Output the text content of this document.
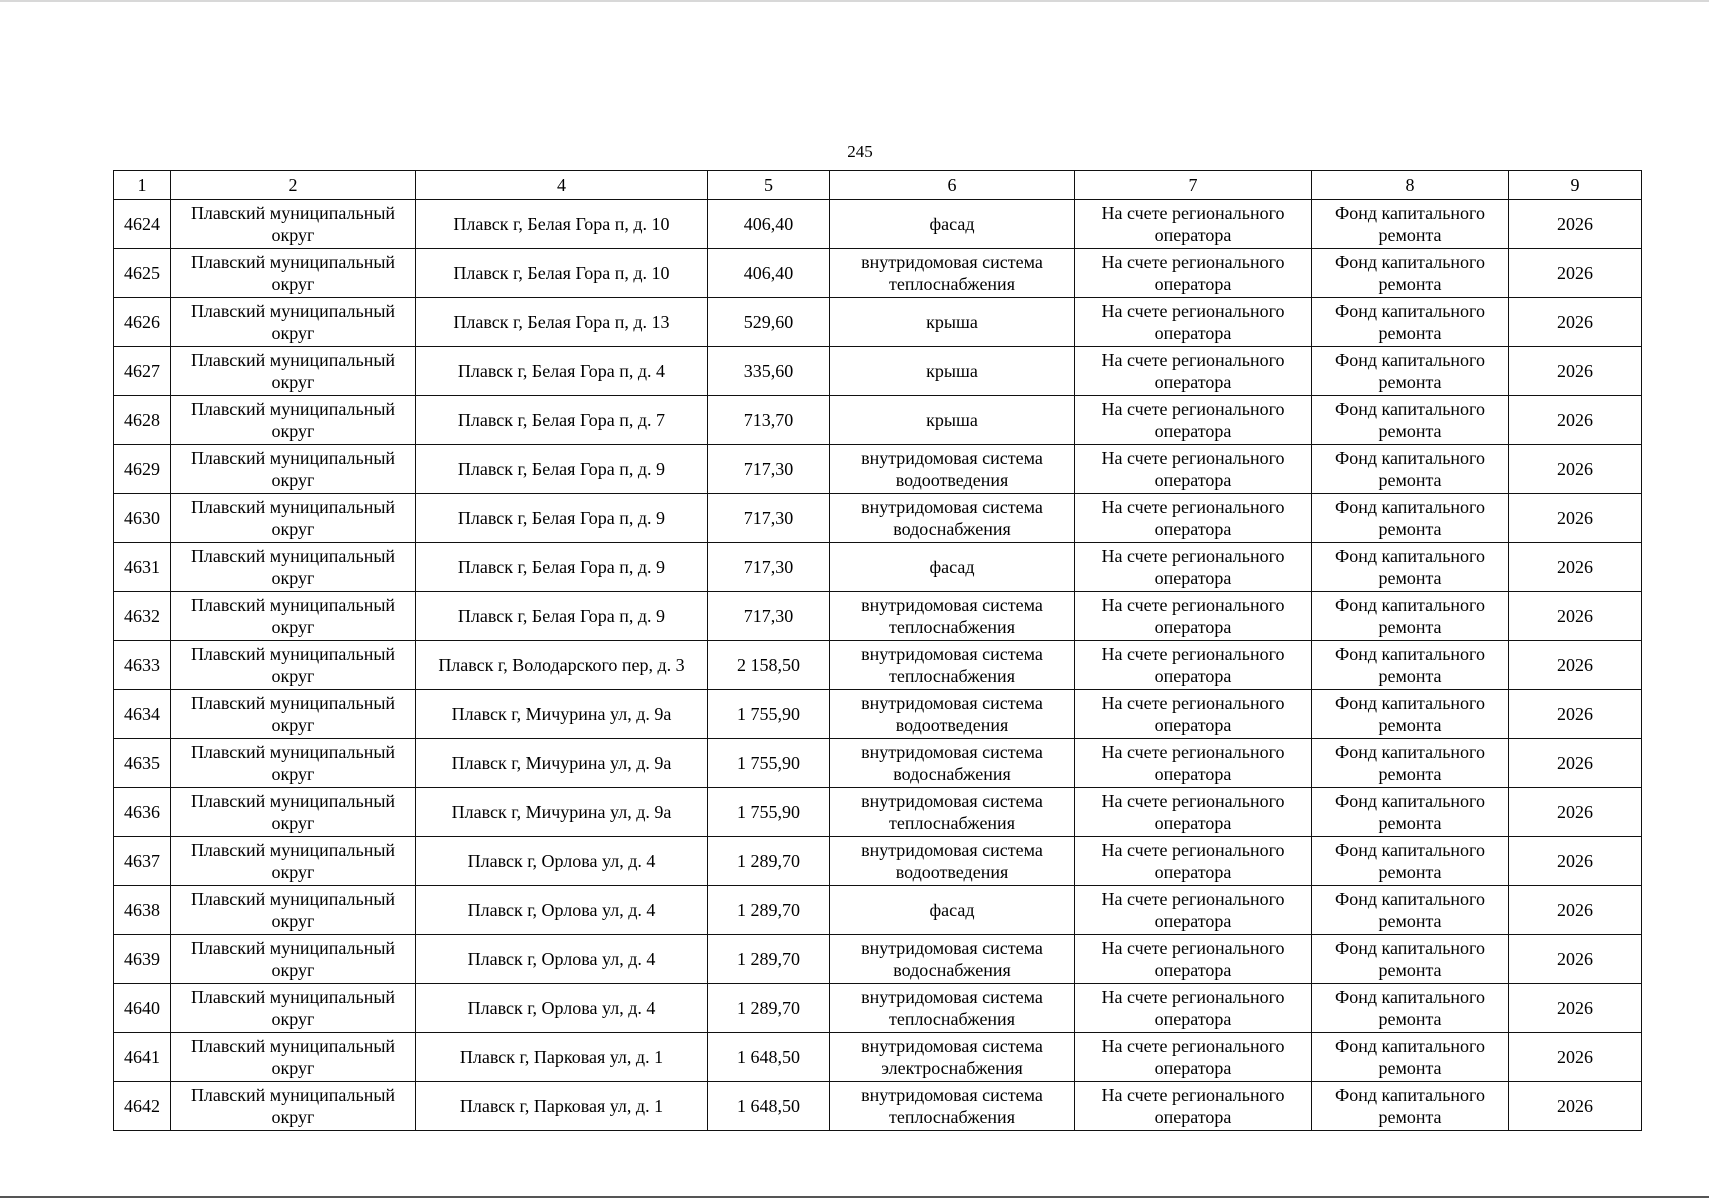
245
1	2	4	5	6	7	8	9
4624	Плавский муниципальный округ	Плавск г, Белая Гора п, д. 10	406,40	фасад	На счете регионального оператора	Фонд капитального ремонта	2026
4625	Плавский муниципальный округ	Плавск г, Белая Гора п, д. 10	406,40	внутридомовая система теплоснабжения	На счете регионального оператора	Фонд капитального ремонта	2026
4626	Плавский муниципальный округ	Плавск г, Белая Гора п, д. 13	529,60	крыша	На счете регионального оператора	Фонд капитального ремонта	2026
4627	Плавский муниципальный округ	Плавск г, Белая Гора п, д. 4	335,60	крыша	На счете регионального оператора	Фонд капитального ремонта	2026
4628	Плавский муниципальный округ	Плавск г, Белая Гора п, д. 7	713,70	крыша	На счете регионального оператора	Фонд капитального ремонта	2026
4629	Плавский муниципальный округ	Плавск г, Белая Гора п, д. 9	717,30	внутридомовая система водоотведения	На счете регионального оператора	Фонд капитального ремонта	2026
4630	Плавский муниципальный округ	Плавск г, Белая Гора п, д. 9	717,30	внутридомовая система водоснабжения	На счете регионального оператора	Фонд капитального ремонта	2026
4631	Плавский муниципальный округ	Плавск г, Белая Гора п, д. 9	717,30	фасад	На счете регионального оператора	Фонд капитального ремонта	2026
4632	Плавский муниципальный округ	Плавск г, Белая Гора п, д. 9	717,30	внутридомовая система теплоснабжения	На счете регионального оператора	Фонд капитального ремонта	2026
4633	Плавский муниципальный округ	Плавск г, Володарского пер, д. 3	2 158,50	внутридомовая система теплоснабжения	На счете регионального оператора	Фонд капитального ремонта	2026
4634	Плавский муниципальный округ	Плавск г, Мичурина ул, д. 9а	1 755,90	внутридомовая система водоотведения	На счете регионального оператора	Фонд капитального ремонта	2026
4635	Плавский муниципальный округ	Плавск г, Мичурина ул, д. 9а	1 755,90	внутридомовая система водоснабжения	На счете регионального оператора	Фонд капитального ремонта	2026
4636	Плавский муниципальный округ	Плавск г, Мичурина ул, д. 9а	1 755,90	внутридомовая система теплоснабжения	На счете регионального оператора	Фонд капитального ремонта	2026
4637	Плавский муниципальный округ	Плавск г, Орлова ул, д. 4	1 289,70	внутридомовая система водоотведения	На счете регионального оператора	Фонд капитального ремонта	2026
4638	Плавский муниципальный округ	Плавск г, Орлова ул, д. 4	1 289,70	фасад	На счете регионального оператора	Фонд капитального ремонта	2026
4639	Плавский муниципальный округ	Плавск г, Орлова ул, д. 4	1 289,70	внутридомовая система водоснабжения	На счете регионального оператора	Фонд капитального ремонта	2026
4640	Плавский муниципальный округ	Плавск г, Орлова ул, д. 4	1 289,70	внутридомовая система теплоснабжения	На счете регионального оператора	Фонд капитального ремонта	2026
4641	Плавский муниципальный округ	Плавск г, Парковая ул, д. 1	1 648,50	внутридомовая система электроснабжения	На счете регионального оператора	Фонд капитального ремонта	2026
4642	Плавский муниципальный округ	Плавск г, Парковая ул, д. 1	1 648,50	внутридомовая система теплоснабжения	На счете регионального оператора	Фонд капитального ремонта	2026
